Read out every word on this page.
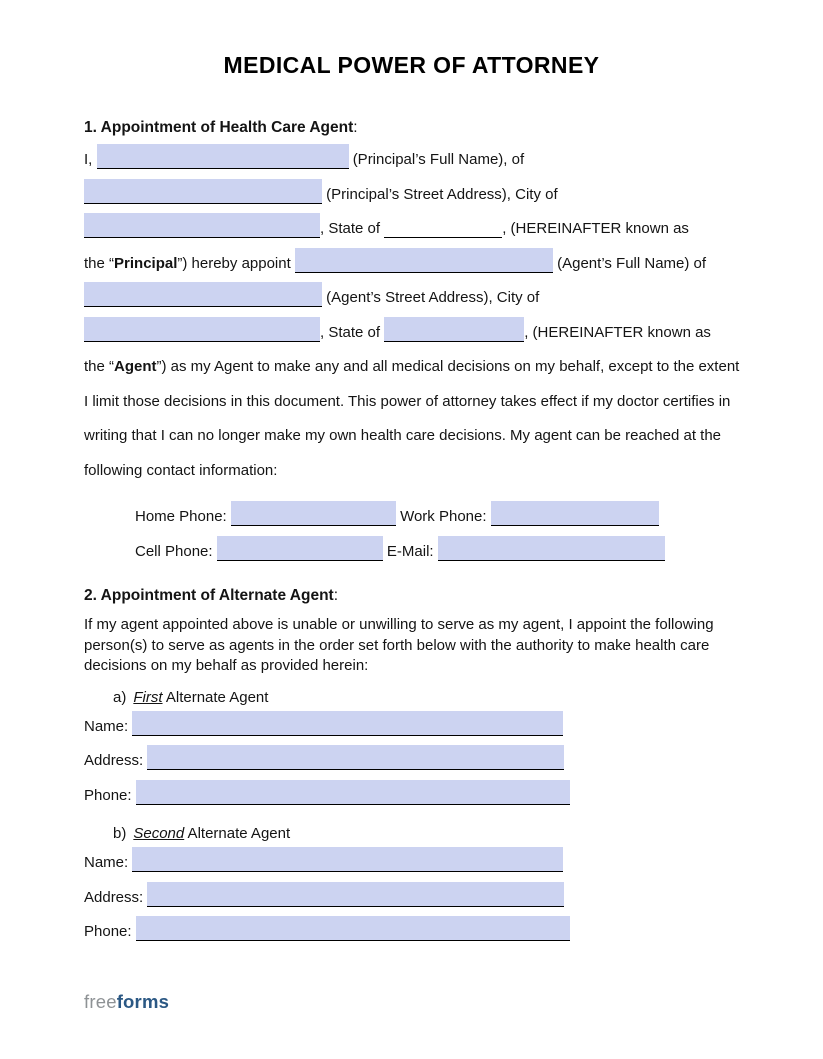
MEDICAL POWER OF ATTORNEY
1. Appointment of Health Care Agent:
I,	(Principal’s Full Name), of
(Principal’s Street Address), City of
, State of	, (HEREINAFTER known as
the “Principal”) hereby appoint	(Agent’s Full Name) of
(Agent’s Street Address), City of
, State of	, (HEREINAFTER known as
the “Agent”) as my Agent to make any and all medical decisions on my behalf, except to the extent
I limit those decisions in this document. This power of attorney takes effect if my doctor certifies in
writing that I can no longer make my own health care decisions. My agent can be reached at the
following contact information:
Home Phone:	Work Phone:
Cell Phone:	E-Mail:
2. Appointment of Alternate Agent:

If my agent appointed above is unable or unwilling to serve as my agent, I appoint the following person(s) to serve as agents in the order set forth below with the authority to make health care decisions on my behalf as provided herein:

a) First Alternate Agent
Name:
Address:
Phone:
b) Second Alternate Agent
Name:
Address:
Phone:
freeforms
